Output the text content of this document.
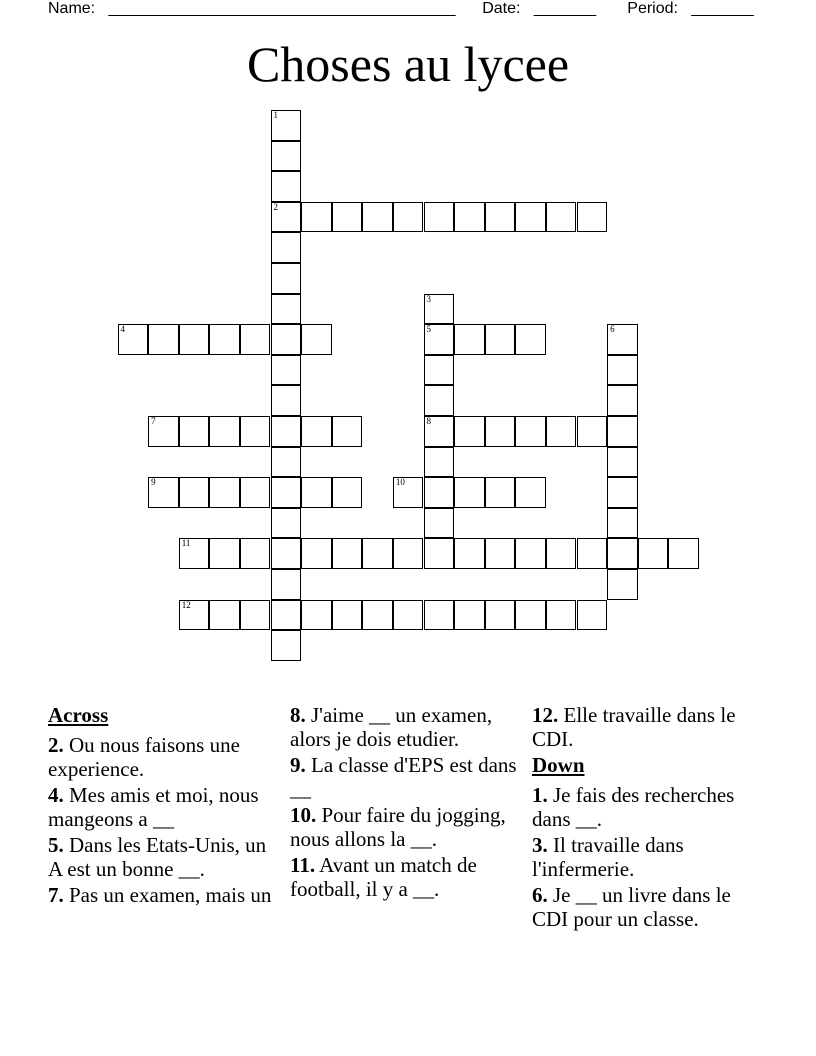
Name: _______________________________________ Date: _______ Period: _______
Choses au lycee
1
2
3
5
8
4	6
7
9	10
11
12
Across
2. Ou nous faisons une experience.
4. Mes amis et moi, nous mangeons a __
5. Dans les Etats-Unis, un A est un bonne __.
7. Pas un examen, mais un
8. J'aime __ un examen, alors je dois etudier.
9. La classe d'EPS est dans __
10. Pour faire du jogging, nous allons la __.
11. Avant un match de football, il y a __.
12. Elle travaille dans le CDI.
Down
1. Je fais des recherches dans __.
3. Il travaille dans l'infermerie.
6. Je __ un livre dans le CDI pour un classe.
